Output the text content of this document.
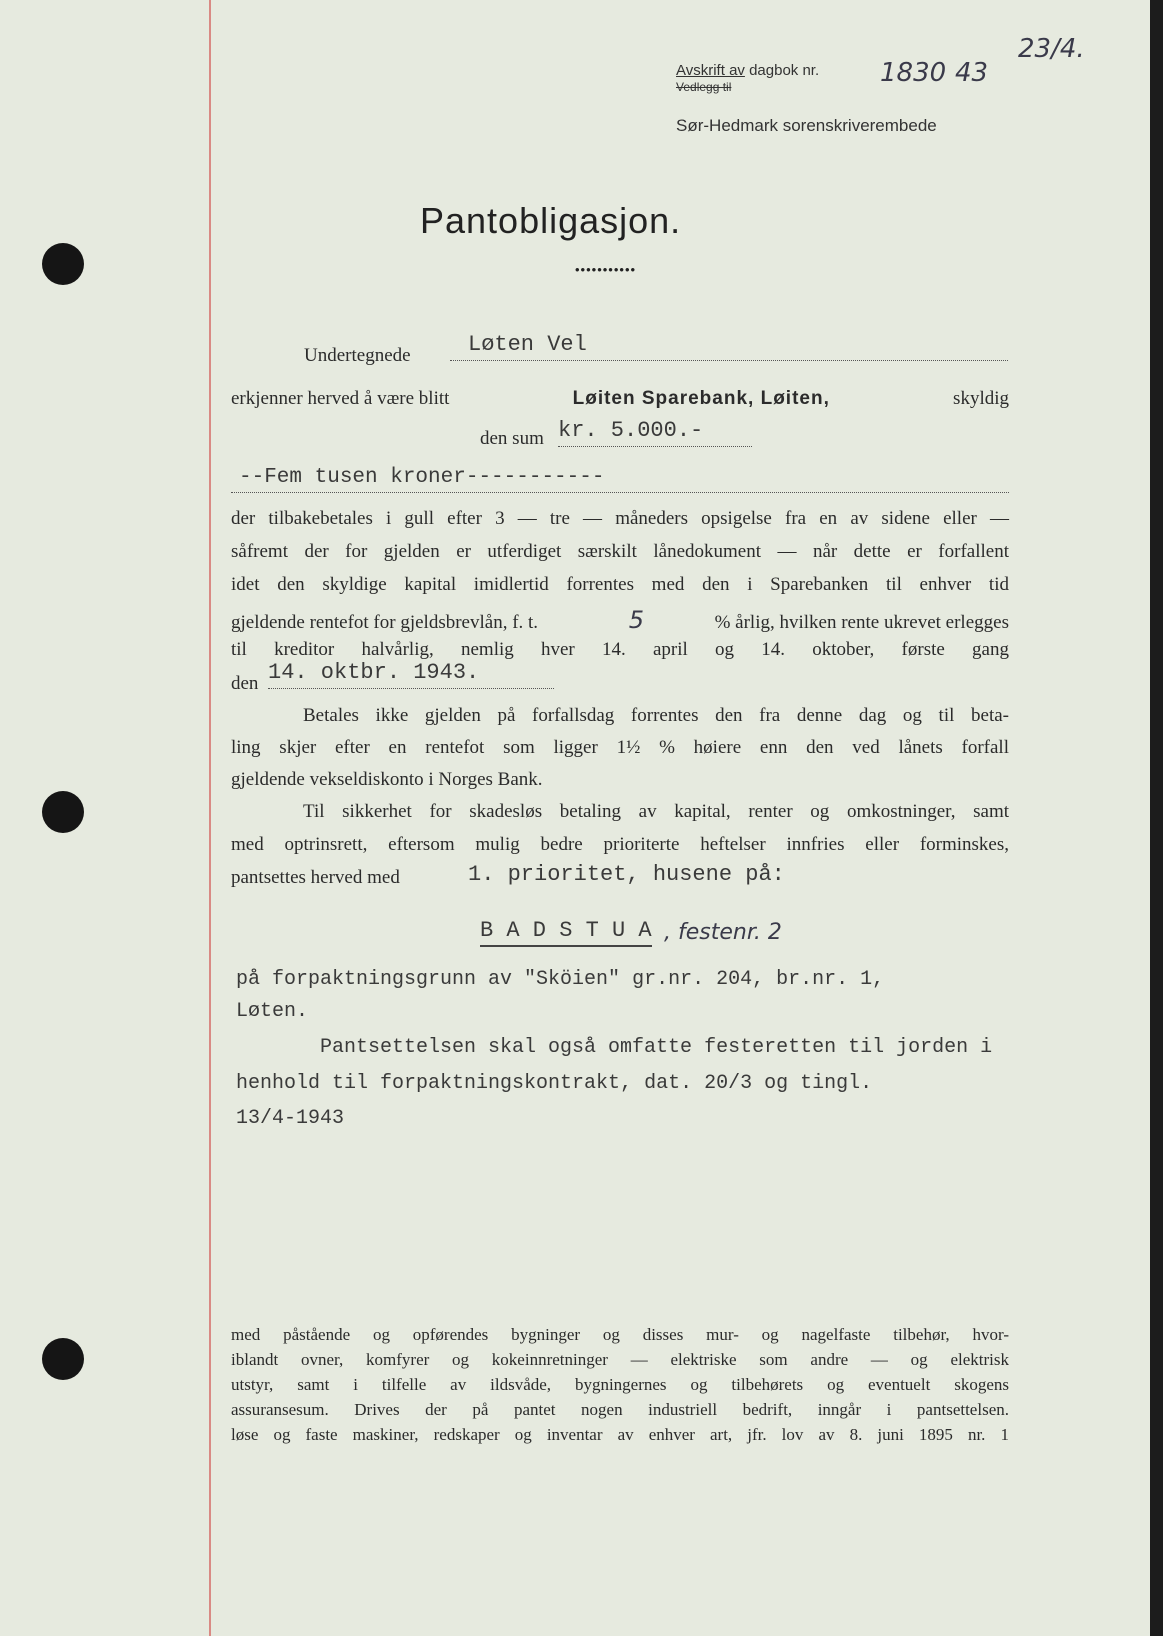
Avskrift av dagbok nr.
Vedlegg til	1830 43
23/4.
Sør-Hedmark sorenskriverembede
Pantobligasjon.
•••••••••••
Undertegnede	Løten Vel
erkjenner herved å være blitt	Løiten Sparebank, Løiten,	skyldig
den sum kr. 5.000.-
--Fem tusen kroner-----------
der tilbakebetales i gull efter 3 — tre — måneders opsigelse fra en av sidene eller —
såfremt der for gjelden er utferdiget særskilt lånedokument — når dette er forfallent
idet den skyldige kapital imidlertid forrentes med den i Sparebanken til enhver tid
gjeldende rentefot for gjeldsbrevlån, f. t.	5	% årlig, hvilken rente ukrevet erlegges
til kreditor halvårlig, nemlig hver 14. april og 14. oktober, første gang
den 14. oktbr. 1943.
Betales ikke gjelden på forfallsdag forrentes den fra denne dag og til beta-
ling skjer efter en rentefot som ligger 1½ % høiere enn den ved lånets forfall
gjeldende vekseldiskonto i Norges Bank.
Til sikkerhet for skadesløs betaling av kapital, renter og omkostninger, samt
med optrinsrett, eftersom mulig bedre prioriterte heftelser innfries eller forminskes,
pantsettes herved med	1. prioritet, husene på:
B A D S T U A , festenr. 2
på forpaktningsgrunn av "Sköien" gr.nr. 204, br.nr. 1,
Løten.
Pantsettelsen skal også omfatte festeretten til jorden i
henhold til forpaktningskontrakt, dat. 20/3 og tingl.
13/4-1943
med påstående og opførendes bygninger og disses mur- og nagelfaste tilbehør, hvor-
iblandt ovner, komfyrer og kokeinnretninger — elektriske som andre — og elektrisk
utstyr, samt i tilfelle av ildsvåde, bygningernes og tilbehørets og eventuelt skogens
assuransesum. Drives der på pantet nogen industriell bedrift, inngår i pantsettelsen.
løse og faste maskiner, redskaper og inventar av enhver art, jfr. lov av 8. juni 1895 nr. 1
